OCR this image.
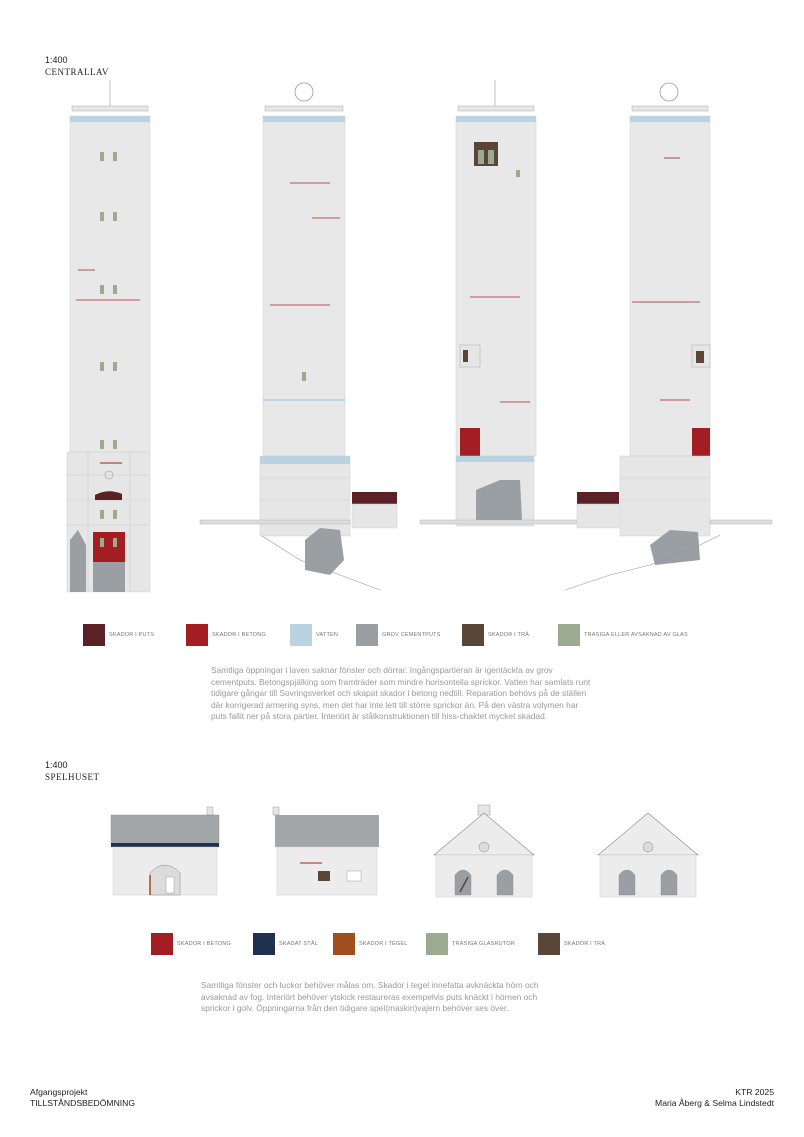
1:400
CENTRALLAV
SKADOR I PUTS	SKADOR I BETONG	VATTEN	GROV CEMENTPUTS	SKADOR I TRÄ	TRASIGA ELLER AVSAKNAD AV GLAS
Samtliga öppningar i laven saknar fönster och dörrar. Ingångspartieran är igentäckta av grov cementputs. Betongspjälking som framträder som mindre horisontella sprickor. Vatten har samlats runt tidigare gångar till Sovringsverket och skapat skador i betong nedtill. Reparation behövs på de ställen där korrigerad armering syns, men det har inte lett till större sprickor än. På den västra volymen har puts fallit ner på stora partier. Interiört är stålkonstruktionen till hiss-chaktet mycket skadad.
1:400
SPELHUSET
SKADOR I BETONG	SKADAT STÅL	SKADOR I TEGEL	TRASIGA GLASRUTOR	SKADOR I TRÄ
Samtliga fönster och luckor behöver målas om. Skador i tegel innefatta avknäckta hörn och avsaknad av fog. Interiört behöver ytskick restaureras exempelvis puts knäckt i hörnen och sprickor i golv. Öppningarna från den tidigare spel(maskin)vajern behöver ses över.
Afgangsprojekt
TILLSTÅNDSBEDÖMNING
KTR 2025
Maria Åberg & Selma Lindstedt
